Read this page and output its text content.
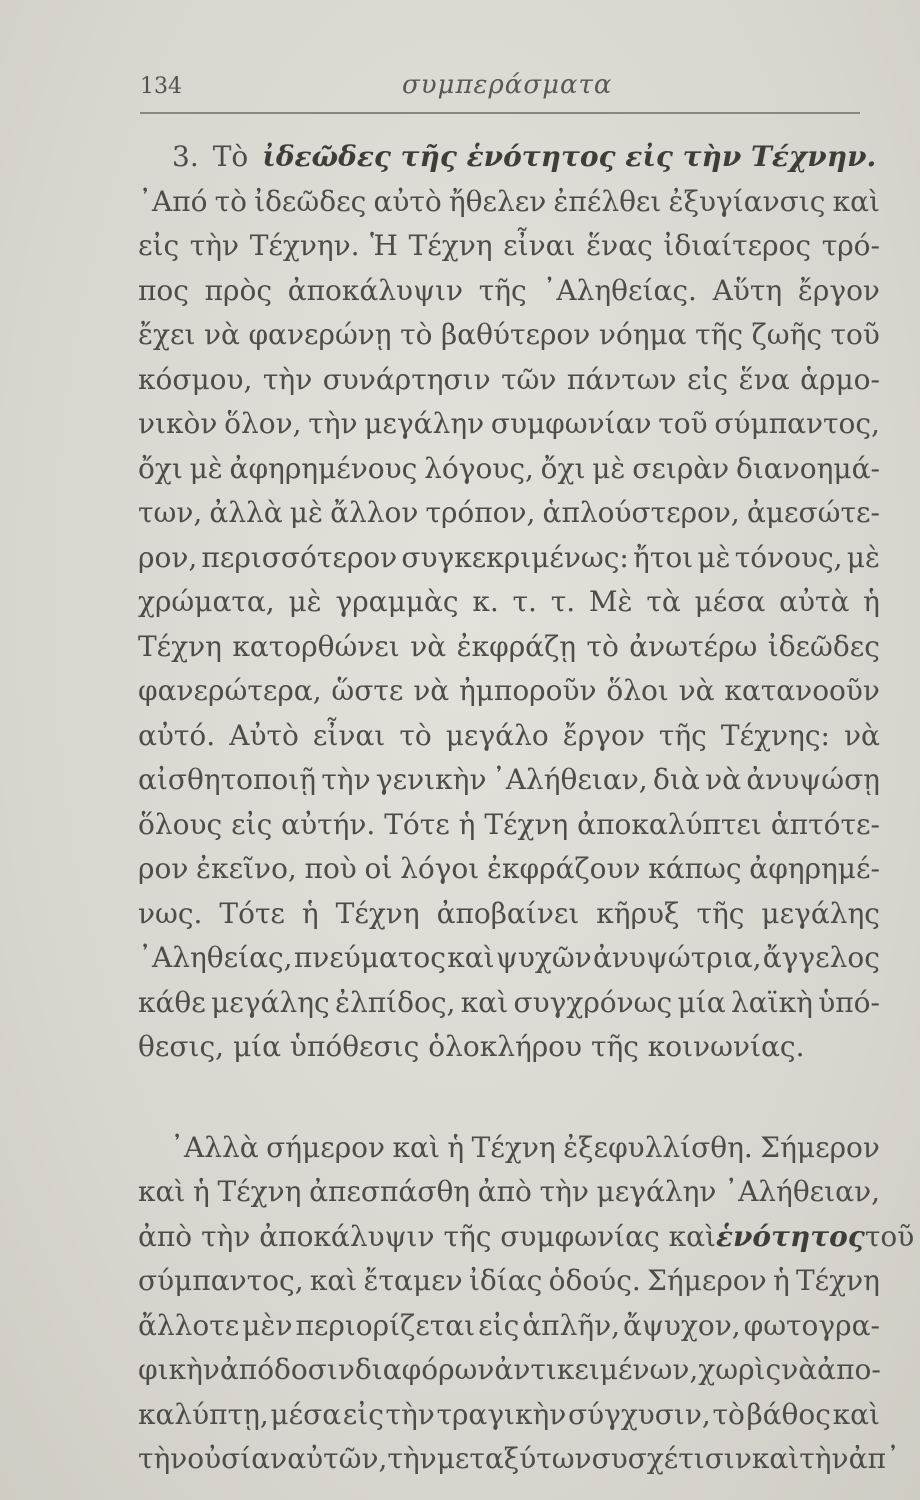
134	συμπεράσματα
3. Τὸ ἰδεῶδες τῆς ἑνότητος εἰς τὴν Τέχνην.
᾿Από τὸ ἰδεῶδες αὐτὸ ἤθελεν ἐπέλθει ἐξυγίανσις καὶ
εἰς τὴν Τέχνην. Ἡ Τέχνη εἶναι ἕνας ἰδιαίτερος τρό-
πος πρὸς ἀποκάλυψιν τῆς ᾿Αληθείας. Αὕτη ἔργον
ἔχει νὰ φανερώνῃ τὸ βαθύτερον νόημα τῆς ζωῆς τοῦ
κόσμου, τὴν συνάρτησιν τῶν πάντων εἰς ἕνα ἁρμο-
νικὸν ὅλον, τὴν μεγάλην συμφωνίαν τοῦ σύμπαντος,
ὄχι μὲ ἀφηρημένους λόγους, ὄχι μὲ σειρὰν διανοημά-
των, ἀλλὰ μὲ ἄλλον τρόπον, ἁπλούστερον, ἀμεσώτε-
ρον, περισσότερον συγκεκριμένως: ἤτοι μὲ τόνους, μὲ
χρώματα, μὲ γραμμὰς κ. τ. τ. Μὲ τὰ μέσα αὐτὰ ἡ
Τέχνη κατορθώνει νὰ ἐκφράζῃ τὸ ἀνωτέρω ἰδεῶδες
φανερώτερα, ὥστε νὰ ἠμποροῦν ὅλοι νὰ κατανοοῦν
αὐτό. Αὐτὸ εἶναι τὸ μεγάλο ἔργον τῆς Τέχνης: νὰ
αἰσθητοποιῇ τὴν γενικὴν ᾿Αλήθειαν, διὰ νὰ ἀνυψώσῃ
ὅλους εἰς αὐτήν. Τότε ἡ Τέχνη ἀποκαλύπτει ἁπτότε-
ρον ἐκεῖνο, ποὺ οἱ λόγοι ἐκφράζουν κάπως ἀφηρημέ-
νως. Τότε ἡ Τέχνη ἀποβαίνει κῆρυξ τῆς μεγάλης
᾿Αληθείας, πνεύματος καὶ ψυχῶν ἀνυψώτρια, ἄγγελος
κάθε μεγάλης ἐλπίδος, καὶ συγχρόνως μία λαϊκὴ ὑπό-
θεσις, μία ὑπόθεσις ὁλοκλήρου τῆς κοινωνίας.
᾿Αλλὰ σήμερον καὶ ἡ Τέχνη ἐξεφυλλίσθη. Σήμερον
καὶ ἡ Τέχνη ἀπεσπάσθη ἀπὸ τὴν μεγάλην ᾿Αλήθειαν,
ἀπὸ τὴν ἀποκάλυψιν τῆς συμφωνίας καὶ ἑνότητος τοῦ
σύμπαντος, καὶ ἔταμεν ἰδίας ὁδούς. Σήμερον ἡ Τέχνη
ἄλλοτε μὲν περιορίζεται εἰς ἁπλῆν, ἄψυχον, φωτογρα-
φικὴν ἀπόδοσιν διαφόρων ἀντικειμένων, χωρὶς νὰ ἀπο-
καλύπτῃ, μέσα εἰς τὴν τραγικὴν σύγχυσιν, τὸ βάθος καὶ
τὴν οὐσίαν αὐτῶν, τὴν μεταξύ των συσχέτισιν καὶ τὴν ἀπ᾿
